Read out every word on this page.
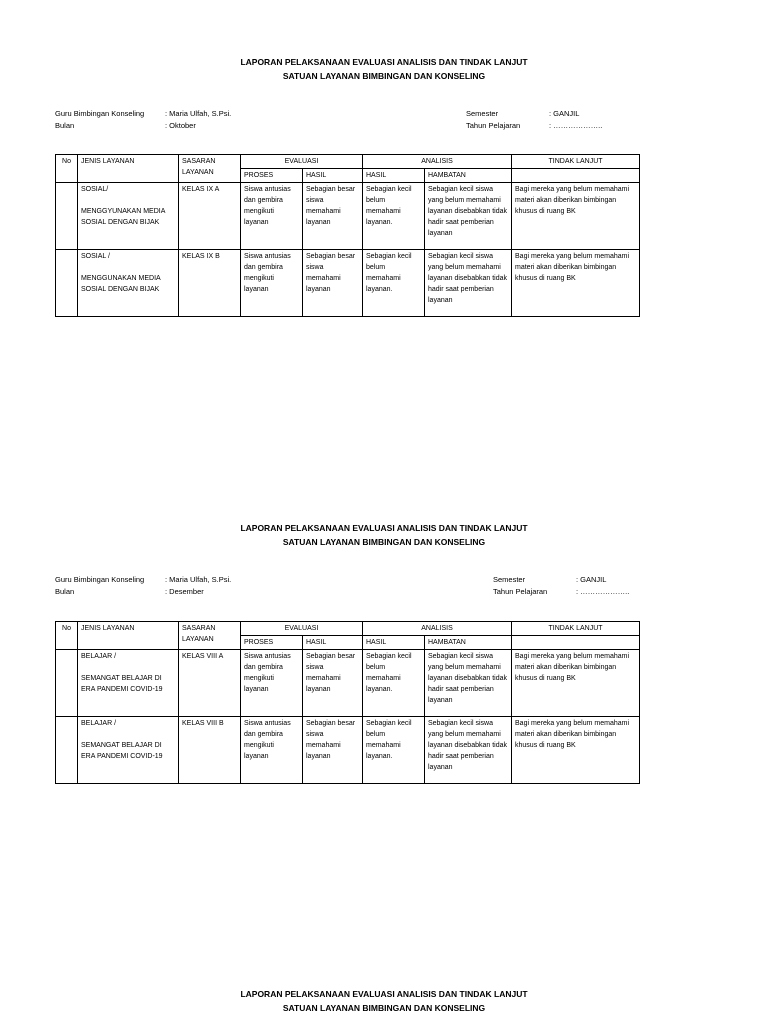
LAPORAN PELAKSANAAN EVALUASI ANALISIS DAN TINDAK LANJUT
SATUAN LAYANAN BIMBINGAN DAN KONSELING
Guru Bimbingan Konseling	: Maria Ulfah, S.Psi.
Bulan	: Oktober
Semester	: GANJIL
Tahun Pelajaran	: ………………..
No	JENIS LAYANAN	SASARAN
LAYANAN	EVALUASI		ANALISIS		TINDAK LANJUT
			PROSES	HASIL	HASIL	HAMBATAN	

	SOSIAL/
MENGGYUNAKAN MEDIA SOSIAL DENGAN BIJAK	KELAS IX A	Siswa antusias dan gembira mengikuti layanan	Sebagian besar siswa memahami layanan	Sebagian kecil belum memahami layanan.	Sebagian kecil siswa yang belum memahami layanan disebabkan tidak hadir saat pemberian layanan	Bagi mereka yang belum memahami materi akan diberikan bimbingan khusus di ruang BK

	SOSIAL /
MENGGUNAKAN MEDIA SOSIAL DENGAN BIJAK	KELAS IX B	Siswa antusias dan gembira mengikuti layanan	Sebagian besar siswa memahami layanan	Sebagian kecil belum memahami layanan.	Sebagian kecil siswa yang belum memahami layanan disebabkan tidak hadir saat pemberian layanan	Bagi mereka yang belum memahami materi akan diberikan bimbingan khusus di ruang BK
LAPORAN PELAKSANAAN EVALUASI ANALISIS DAN TINDAK LANJUT
SATUAN LAYANAN BIMBINGAN DAN KONSELING
Guru Bimbingan Konseling	: Maria Ulfah, S.Psi.
Bulan	: Desember
Semester	: GANJIL
Tahun Pelajaran	: ………………..
No	JENIS LAYANAN	SASARAN
LAYANAN	EVALUASI		ANALISIS		TINDAK LANJUT
			PROSES	HASIL	HASIL	HAMBATAN	

	BELAJAR /
SEMANGAT BELAJAR DI ERA PANDEMI COVID-19	KELAS VIII A	Siswa antusias dan gembira mengikuti layanan	Sebagian besar siswa memahami layanan	Sebagian kecil belum memahami layanan.	Sebagian kecil siswa yang belum memahami layanan disebabkan tidak hadir saat pemberian layanan	Bagi mereka yang belum memahami materi akan diberikan bimbingan khusus di ruang BK

	BELAJAR /
SEMANGAT BELAJAR DI ERA PANDEMI COVID-19	KELAS VIII B	Siswa antusias dan gembira mengikuti layanan	Sebagian besar siswa memahami layanan	Sebagian kecil belum memahami layanan.	Sebagian kecil siswa yang belum memahami layanan disebabkan tidak hadir saat pemberian layanan	Bagi mereka yang belum memahami materi akan diberikan bimbingan khusus di ruang BK
LAPORAN PELAKSANAAN EVALUASI ANALISIS DAN TINDAK LANJUT
SATUAN LAYANAN BIMBINGAN DAN KONSELING
